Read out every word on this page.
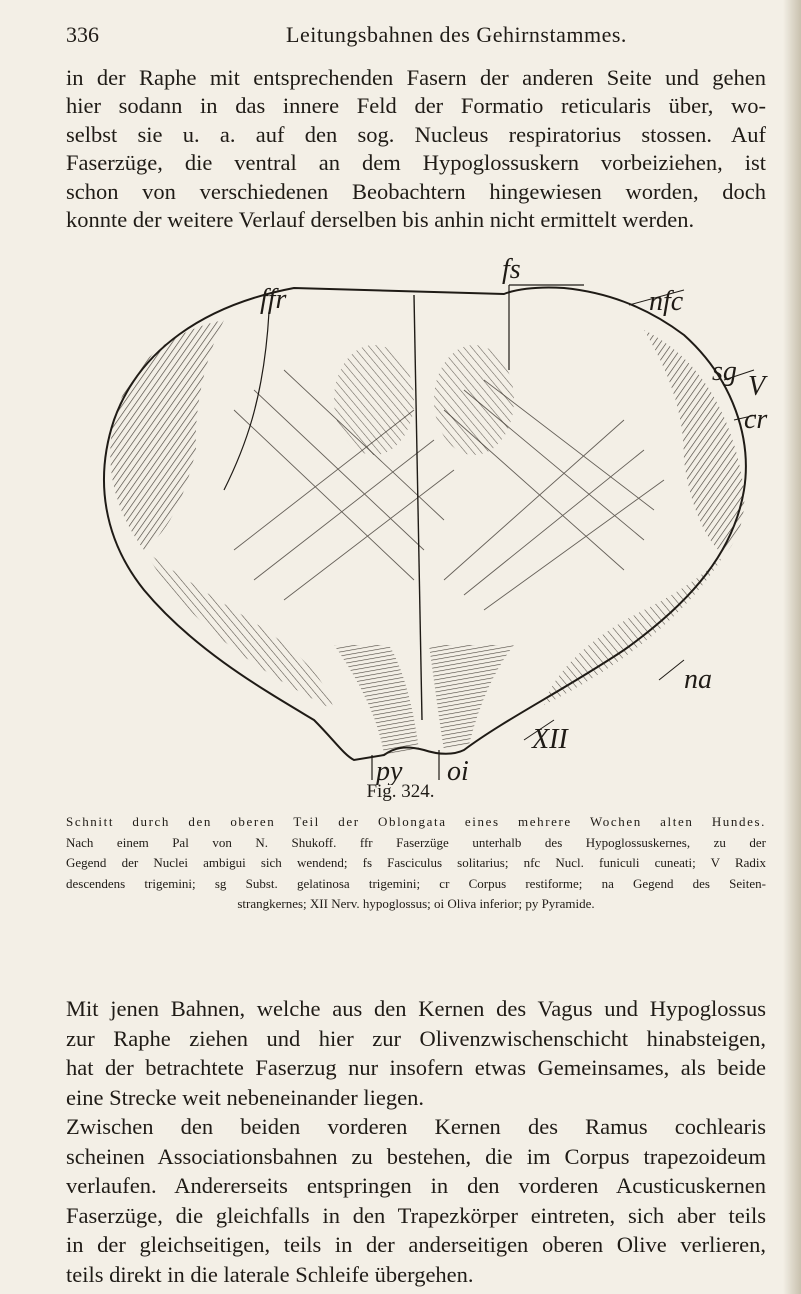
336	Leitungsbahnen des Gehirnstammes.
in der Raphe mit entsprechenden Fasern der anderen Seite und gehen
hier sodann in das innere Feld der Formatio reticularis über, wo-
selbst sie u. a. auf den sog. Nucleus respiratorius stossen. Auf
Faserzüge, die ventral an dem Hypoglossuskern vorbeiziehen, ist
schon von verschiedenen Beobachtern hingewiesen worden, doch
konnte der weitere Verlauf derselben bis anhin nicht ermittelt werden.
ffr
fs
nfc
sg V
cr
na
XII
oi
py
Fig. 324.
Schnitt durch den oberen Teil der Oblongata eines mehrere Wochen alten Hundes.
Nach einem Pal von N. Shukoff. ffr Faserzüge unterhalb des Hypoglossuskernes, zu der
Gegend der Nuclei ambigui sich wendend; fs Fasciculus solitarius; nfc Nucl. funiculi cuneati; V Radix
descendens trigemini; sg Subst. gelatinosa trigemini; cr Corpus restiforme; na Gegend des Seiten-
strangkernes; XII Nerv. hypoglossus; oi Oliva inferior; py Pyramide.
Mit jenen Bahnen, welche aus den Kernen des Vagus und Hypoglossus
zur Raphe ziehen und hier zur Olivenzwischenschicht hinabsteigen,
hat der betrachtete Faserzug nur insofern etwas Gemeinsames, als beide
eine Strecke weit nebeneinander liegen.
Zwischen den beiden vorderen Kernen des Ramus cochlearis
scheinen Associationsbahnen zu bestehen, die im Corpus trapezoideum
verlaufen. Andererseits entspringen in den vorderen Acusticuskernen
Faserzüge, die gleichfalls in den Trapezkörper eintreten, sich aber teils
in der gleichseitigen, teils in der anderseitigen oberen Olive verlieren,
teils direkt in die laterale Schleife übergehen.
